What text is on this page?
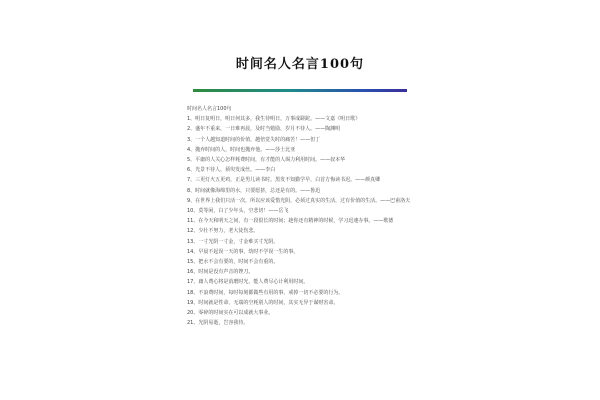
时间名人名言100句
时间名人名言100句
1、明日复明日，明日何其多，我生待明日，万事成蹉跎。——文嘉《明日歌》
2、盛年不重来，一日难再晨，及时当勉励，岁月不待人。——陶渊明
3、一个人越知道时间的价值，越倍觉失时的痛苦！——但丁
4、抛弃时间的人，时间也抛弃他。——莎士比亚
5、平庸的人关心怎样耗费时间，有才能的人竭力利用时间。——叔本华
6、光景不待人，须臾发成丝。——李白
7、三更灯火五更鸡，正是男儿读书时。黑发不知勤学早，白首方悔读书迟。——颜真卿
8、时间就像海绵里的水，只要愿挤，总还是有的。——鲁迅
9、在世界上我们只活一次，所以应该爱惜光阴，必须过真实的生活，过有价值的生活。——巴甫洛夫
10、莫等闲，白了少年头，空悲切！——岳飞
11、在今天和明天之间，有一段很长的时间；趁你还有精神的时候，学习迅速办事。——歌德
12、少壮不努力，老大徒伤悲。
13、一寸光阴一寸金，寸金难买寸光阴。
14、早晨不起误一天的事，幼时不学误一生的事。
15、把水不会有要的，时间不会有重的。
16、时间是没有声音的锉刀。
17、庸人费心将是消磨时光，能人费尽心计利用时间。
18、不浪费时间，每时每刻都做些有用的事，戒掉一切不必要的行为。
19、时间就是性命，无端的空耗别人的时间，其实无异于谋财害命。
20、零碎的时间实在可以成就大事业。
21、光阴易逝，岂容我待。
